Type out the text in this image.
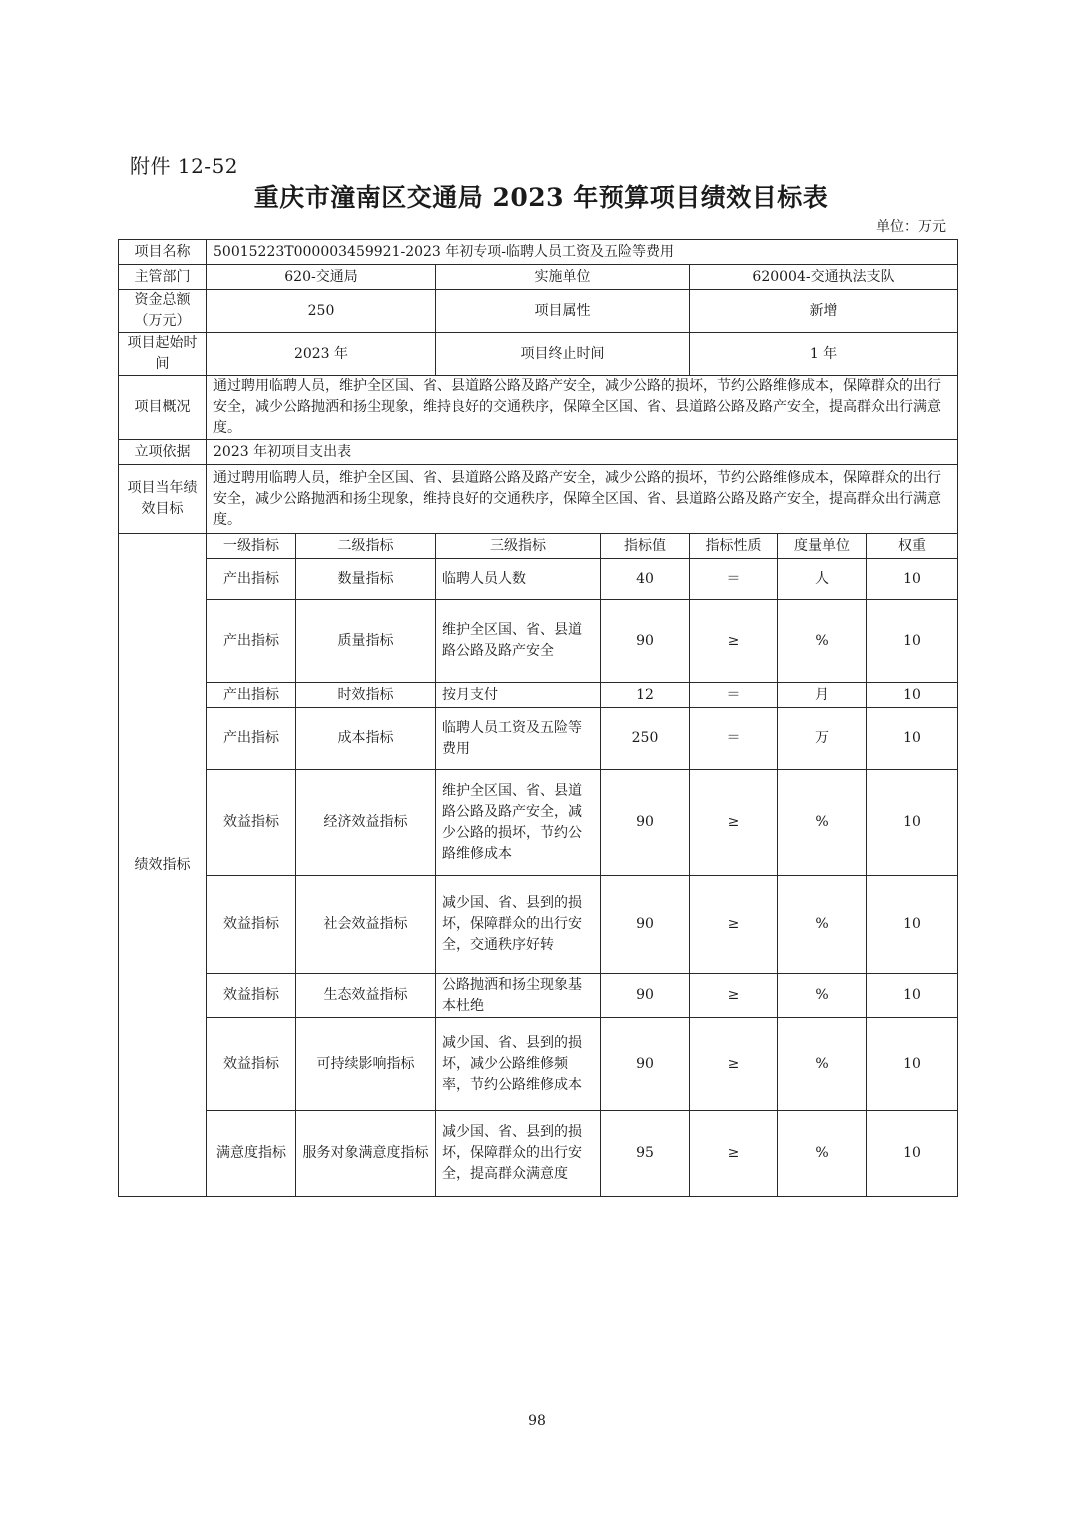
附件 12-52
重庆市潼南区交通局 2023 年预算项目绩效目标表
单位：万元
项目名称	50015223T000003459921-2023 年初专项-临聘人员工资及五险等费用						
主管部门	620-交通局		实施单位		620004-交通执法支队		
资金总额（万元）	250		项目属性		新增		
项目起始时间	2023 年		项目终止时间		1 年		
项目概况	通过聘用临聘人员，维护全区国、省、县道路公路及路产安全，减少公路的损坏，节约公路维修成本，保障群众的出行安全，减少公路抛洒和扬尘现象，维持良好的交通秩序，保障全区国、省、县道路公路及路产安全，提高群众出行满意度。						
立项依据	2023 年初项目支出表						
项目当年绩效目标	通过聘用临聘人员，维护全区国、省、县道路公路及路产安全，减少公路的损坏，节约公路维修成本，保障群众的出行安全，减少公路抛洒和扬尘现象，维持良好的交通秩序，保障全区国、省、县道路公路及路产安全，提高群众出行满意度。						
绩效指标	一级指标	二级指标	三级指标	指标值	指标性质	度量单位	权重
	产出指标	数量指标	临聘人员人数	40	＝	人	10
	产出指标	质量指标	维护全区国、省、县道路公路及路产安全	90	≥	%	10
	产出指标	时效指标	按月支付	12	＝	月	10
	产出指标	成本指标	临聘人员工资及五险等费用	250	＝	万	10
	效益指标	经济效益指标	维护全区国、省、县道路公路及路产安全，减少公路的损坏，节约公路维修成本	90	≥	%	10
	效益指标	社会效益指标	减少国、省、县到的损坏，保障群众的出行安全，交通秩序好转	90	≥	%	10
	效益指标	生态效益指标	公路抛洒和扬尘现象基本杜绝	90	≥	%	10
	效益指标	可持续影响指标	减少国、省、县到的损坏，减少公路维修频率，节约公路维修成本	90	≥	%	10
	满意度指标	服务对象满意度指标	减少国、省、县到的损坏，保障群众的出行安全，提高群众满意度	95	≥	%	10
98
